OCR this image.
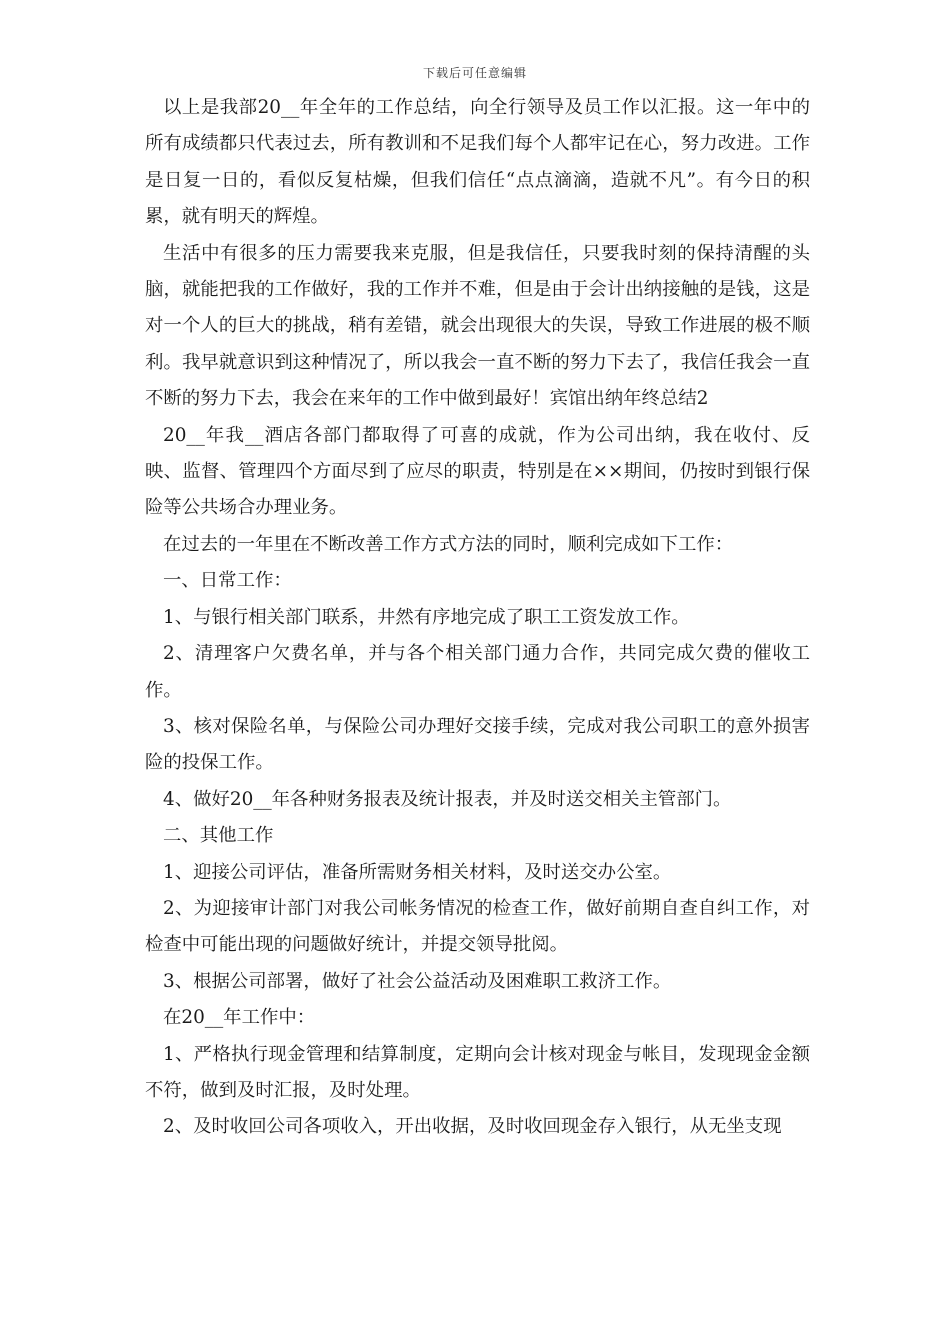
下载后可任意编辑

以上是我部20__年全年的工作总结，向全行领导及员工作以汇报。这一年中的所有成绩都只代表过去，所有教训和不足我们每个人都牢记在心，努力改进。工作是日复一日的，看似反复枯燥，但我们信任“点点滴滴，造就不凡”。有今日的积累，就有明天的辉煌。

生活中有很多的压力需要我来克服，但是我信任，只要我时刻的保持清醒的头脑，就能把我的工作做好，我的工作并不难，但是由于会计出纳接触的是钱，这是对一个人的巨大的挑战，稍有差错，就会出现很大的失误，导致工作进展的极不顺利。我早就意识到这种情况了，所以我会一直不断的努力下去了，我信任我会一直不断的努力下去，我会在来年的工作中做到最好！宾馆出纳年终总结2

20__年我__酒店各部门都取得了可喜的成就，作为公司出纳，我在收付、反映、监督、管理四个方面尽到了应尽的职责，特别是在××期间，仍按时到银行保险等公共场合办理业务。

在过去的一年里在不断改善工作方式方法的同时，顺利完成如下工作：

一、日常工作：

1、与银行相关部门联系，井然有序地完成了职工工资发放工作。

2、清理客户欠费名单，并与各个相关部门通力合作，共同完成欠费的催收工作。

3、核对保险名单，与保险公司办理好交接手续，完成对我公司职工的意外损害险的投保工作。

4、做好20__年各种财务报表及统计报表，并及时送交相关主管部门。

二、其他工作

1、迎接公司评估，准备所需财务相关材料，及时送交办公室。

2、为迎接审计部门对我公司帐务情况的检查工作，做好前期自查自纠工作，对检查中可能出现的问题做好统计，并提交领导批阅。

3、根据公司部署，做好了社会公益活动及困难职工救济工作。

在20__年工作中：

1、严格执行现金管理和结算制度，定期向会计核对现金与帐目，发现现金金额不符，做到及时汇报，及时处理。

2、及时收回公司各项收入，开出收据，及时收回现金存入银行，从无坐支现
